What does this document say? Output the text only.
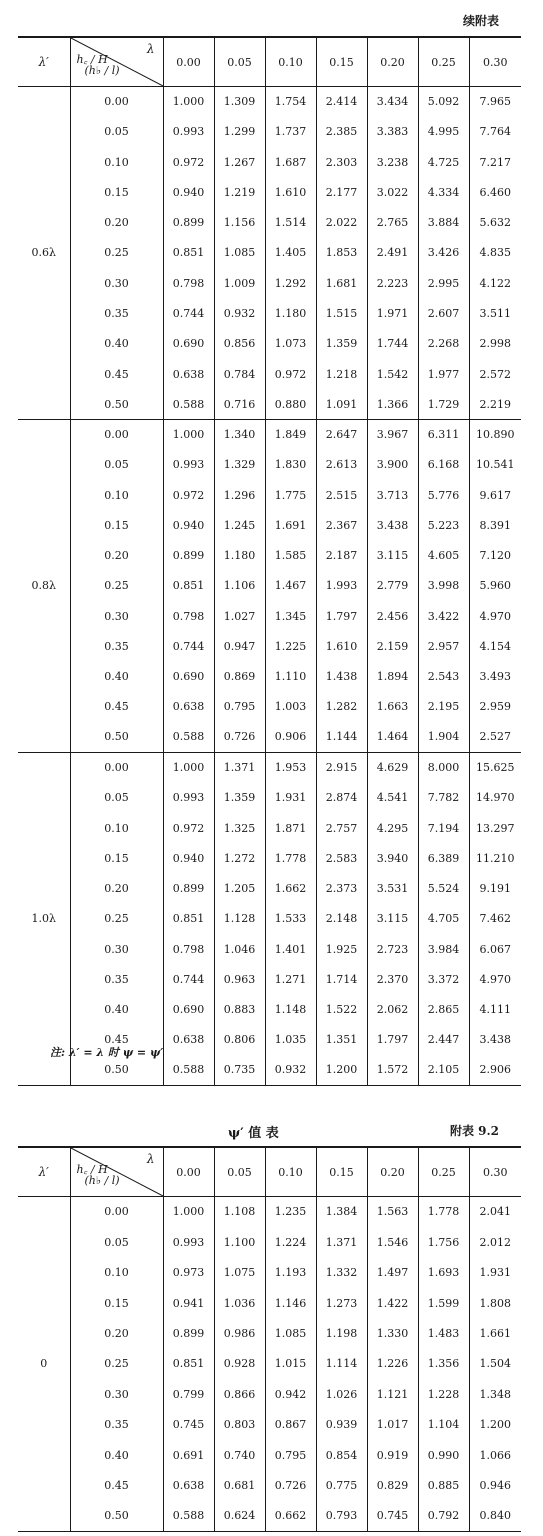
续附表
λ′	λ
h꜀ / H
(h♭ / l)	0.00	0.05	0.10	0.15	0.20	0.25	0.30
0.6λ	0.00	1.000	1.309	1.754	2.414	3.434	5.092	7.965
	0.05	0.993	1.299	1.737	2.385	3.383	4.995	7.764
	0.10	0.972	1.267	1.687	2.303	3.238	4.725	7.217
	0.15	0.940	1.219	1.610	2.177	3.022	4.334	6.460
	0.20	0.899	1.156	1.514	2.022	2.765	3.884	5.632
	0.25	0.851	1.085	1.405	1.853	2.491	3.426	4.835
	0.30	0.798	1.009	1.292	1.681	2.223	2.995	4.122
	0.35	0.744	0.932	1.180	1.515	1.971	2.607	3.511
	0.40	0.690	0.856	1.073	1.359	1.744	2.268	2.998
	0.45	0.638	0.784	0.972	1.218	1.542	1.977	2.572
	0.50	0.588	0.716	0.880	1.091	1.366	1.729	2.219
0.8λ	0.00	1.000	1.340	1.849	2.647	3.967	6.311	10.890
	0.05	0.993	1.329	1.830	2.613	3.900	6.168	10.541
	0.10	0.972	1.296	1.775	2.515	3.713	5.776	9.617
	0.15	0.940	1.245	1.691	2.367	3.438	5.223	8.391
	0.20	0.899	1.180	1.585	2.187	3.115	4.605	7.120
	0.25	0.851	1.106	1.467	1.993	2.779	3.998	5.960
	0.30	0.798	1.027	1.345	1.797	2.456	3.422	4.970
	0.35	0.744	0.947	1.225	1.610	2.159	2.957	4.154
	0.40	0.690	0.869	1.110	1.438	1.894	2.543	3.493
	0.45	0.638	0.795	1.003	1.282	1.663	2.195	2.959
	0.50	0.588	0.726	0.906	1.144	1.464	1.904	2.527
1.0λ	0.00	1.000	1.371	1.953	2.915	4.629	8.000	15.625
	0.05	0.993	1.359	1.931	2.874	4.541	7.782	14.970
	0.10	0.972	1.325	1.871	2.757	4.295	7.194	13.297
	0.15	0.940	1.272	1.778	2.583	3.940	6.389	11.210
	0.20	0.899	1.205	1.662	2.373	3.531	5.524	9.191
	0.25	0.851	1.128	1.533	2.148	3.115	4.705	7.462
	0.30	0.798	1.046	1.401	1.925	2.723	3.984	6.067
	0.35	0.744	0.963	1.271	1.714	2.370	3.372	4.970
	0.40	0.690	0.883	1.148	1.522	2.062	2.865	4.111
	0.45	0.638	0.806	1.035	1.351	1.797	2.447	3.438
	0.50	0.588	0.735	0.932	1.200	1.572	2.105	2.906
注: λ′ = λ 时 ψ = ψ′
ψ′ 值 表	附表 9.2
λ′	λ
h꜀ / H
(h♭ / l)	0.00	0.05	0.10	0.15	0.20	0.25	0.30
0	0.00	1.000	1.108	1.235	1.384	1.563	1.778	2.041
	0.05	0.993	1.100	1.224	1.371	1.546	1.756	2.012
	0.10	0.973	1.075	1.193	1.332	1.497	1.693	1.931
	0.15	0.941	1.036	1.146	1.273	1.422	1.599	1.808
	0.20	0.899	0.986	1.085	1.198	1.330	1.483	1.661
	0.25	0.851	0.928	1.015	1.114	1.226	1.356	1.504
	0.30	0.799	0.866	0.942	1.026	1.121	1.228	1.348
	0.35	0.745	0.803	0.867	0.939	1.017	1.104	1.200
	0.40	0.691	0.740	0.795	0.854	0.919	0.990	1.066
	0.45	0.638	0.681	0.726	0.775	0.829	0.885	0.946
	0.50	0.588	0.624	0.662	0.793	0.745	0.792	0.840
